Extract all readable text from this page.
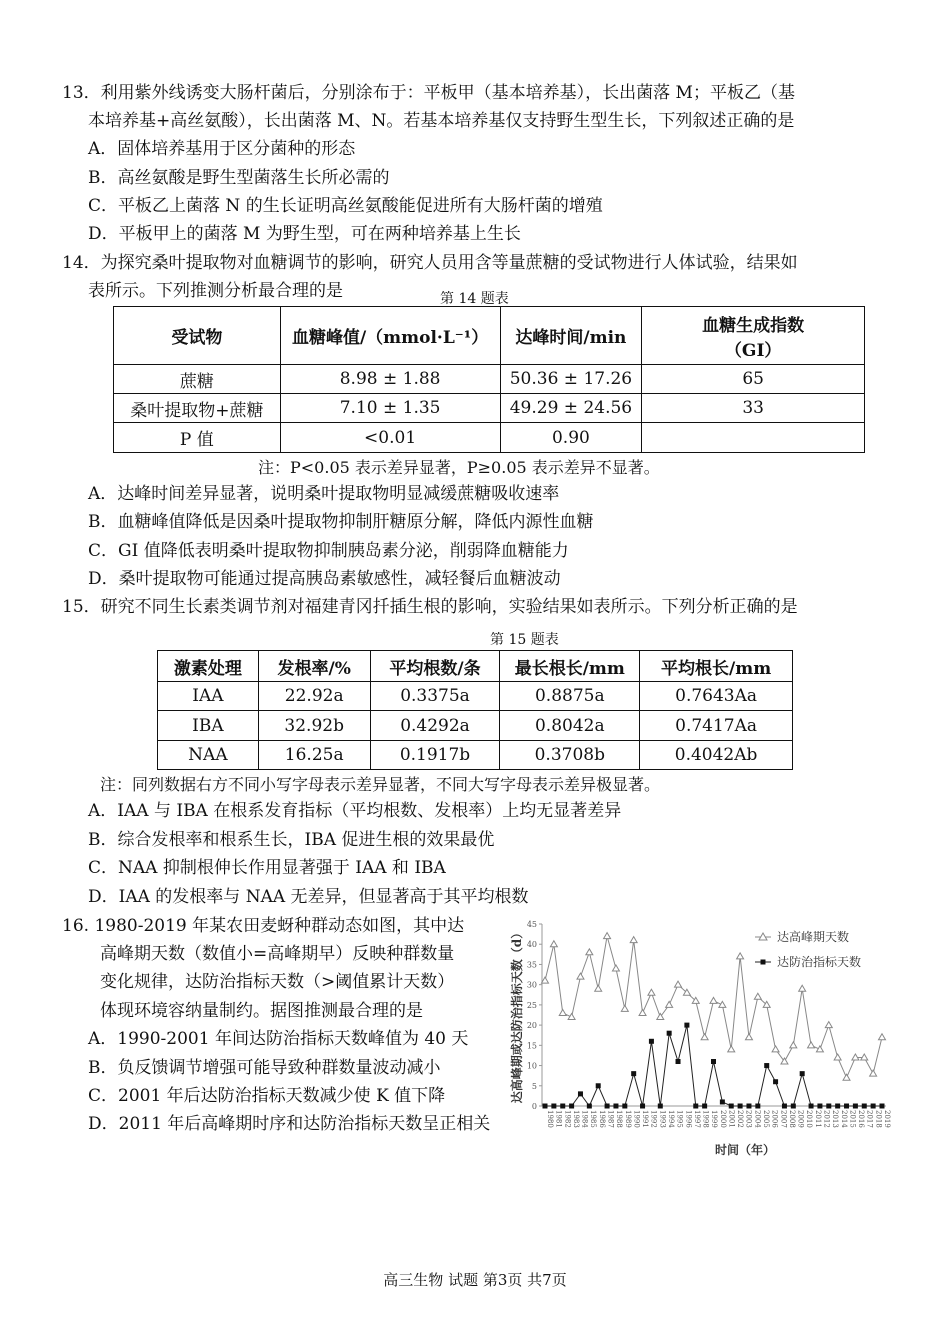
13．利用紫外线诱变大肠杆菌后，分别涂布于：平板甲（基本培养基），长出菌落 M；平板乙（基
本培养基+高丝氨酸），长出菌落 M、N。若基本培养基仅支持野生型生长，下列叙述正确的是
A．固体培养基用于区分菌种的形态
B．高丝氨酸是野生型菌落生长所必需的
C．平板乙上菌落 N 的生长证明高丝氨酸能促进所有大肠杆菌的增殖
D．平板甲上的菌落 M 为野生型，可在两种培养基上生长
14．为探究桑叶提取物对血糖调节的影响，研究人员用含等量蔗糖的受试物进行人体试验，结果如
表所示。下列推测分析最合理的是	第 14 题表
受试物	血糖峰值/（mmol·L⁻¹）	达峰时间/min	血糖生成指数
（GI）

蔗糖	8.98 ± 1.88	50.36 ± 17.26	65
桑叶提取物+蔗糖	7.10 ± 1.35	49.29 ± 24.56	33
P 值	<0.01	0.90	
注：P<0.05 表示差异显著，P≥0.05 表示差异不显著。
A．达峰时间差异显著，说明桑叶提取物明显减缓蔗糖吸收速率
B．血糖峰值降低是因桑叶提取物抑制肝糖原分解，降低内源性血糖
C．GI 值降低表明桑叶提取物抑制胰岛素分泌，削弱降血糖能力
D．桑叶提取物可能通过提高胰岛素敏感性，减轻餐后血糖波动
15．研究不同生长素类调节剂对福建青冈扦插生根的影响，实验结果如表所示。下列分析正确的是
第 15 题表
激素处理	发根率/%	平均根数/条	最长根长/mm	平均根长/mm
IAA	22.92a	0.3375a	0.8875a	0.7643Aa
IBA	32.92b	0.4292a	0.8042a	0.7417Aa
NAA	16.25a	0.1917b	0.3708b	0.4042Ab
注：同列数据右方不同小写字母表示差异显著，不同大写字母表示差异极显著。
A．IAA 与 IBA 在根系发育指标（平均根数、发根率）上均无显著差异
B．综合发根率和根系生长，IBA 促进生根的效果最优
C．NAA 抑制根伸长作用显著强于 IAA 和 IBA
D．IAA 的发根率与 NAA 无差异，但显著高于其平均根数
16. 1980-2019 年某农田麦蚜种群动态如图，其中达
高峰期天数（数值小=高峰期早）反映种群数量
变化规律，达防治指标天数（>阈值累计天数）
体现环境容纳量制约。据图推测最合理的是
A．1990-2001 年间达防治指标天数峰值为 40 天
B．负反馈调节增强可能导致种群数量波动减小
C．2001 年后达防治指标天数减少使 K 值下降
D．2011 年后高峰期时序和达防治指标天数呈正相关
达高峰期或达防治指标天数（d）
时间（年）
达高峰期天数
达防治指标天数
0
5
10
15
20
25
30
35
40
45
1980 1981 1982 1983 1984 1985 1986 1987 1988 1989 1990 1991 1992 1993 1994 1995 1996 1997 1998 1999 2000 2001 2002 2003 2004 2005 2006 2007 2008 2009 2010 2011 2012 2013 2014 2015 2016 2017 2018 2019
高三生物 试题 第3页 共7页
